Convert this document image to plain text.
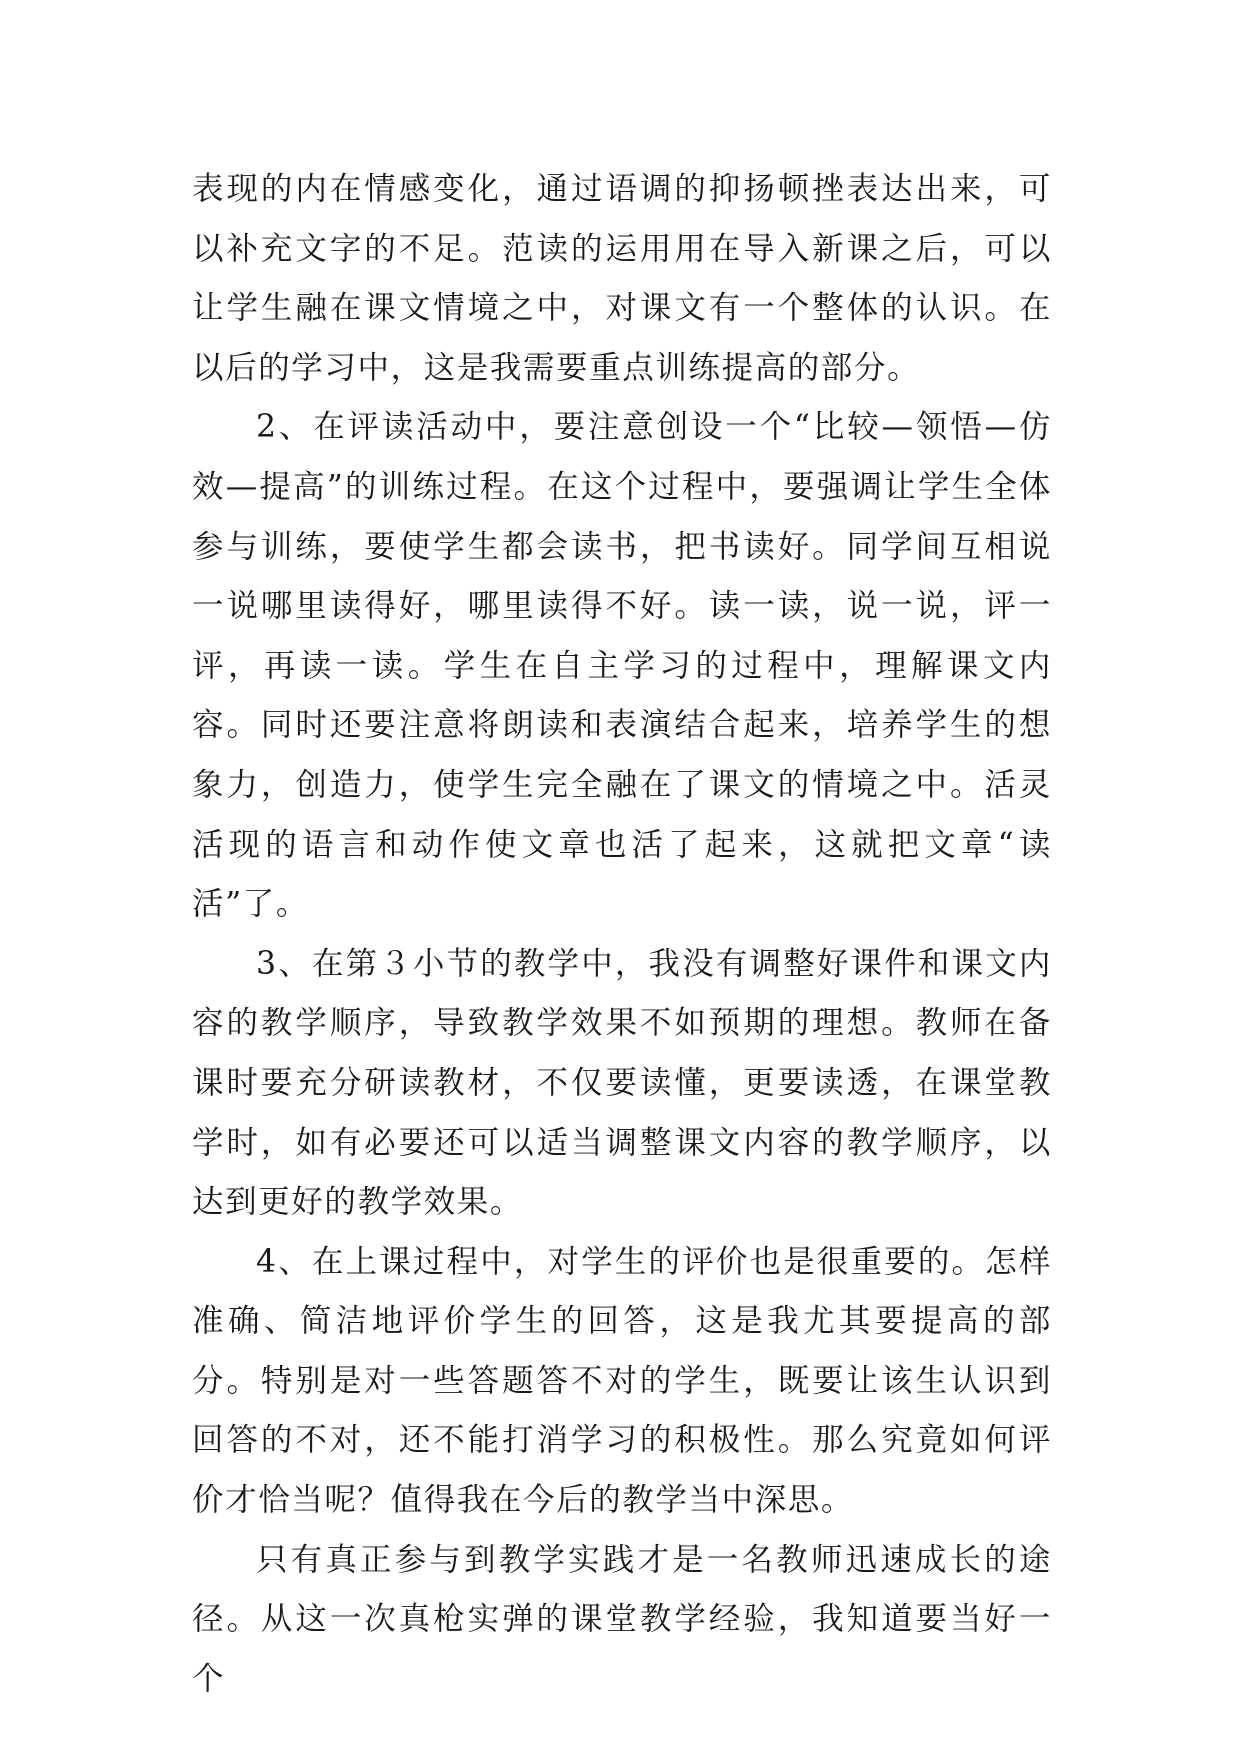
表现的内在情感变化，通过语调的抑扬顿挫表达出来，可以补充文字的不足。范读的运用用在导入新课之后，可以让学生融在课文情境之中，对课文有一个整体的认识。在以后的学习中，这是我需要重点训练提高的部分。

2、在评读活动中，要注意创设一个“比较—领悟—仿效—提高”的训练过程。在这个过程中，要强调让学生全体参与训练，要使学生都会读书，把书读好。同学间互相说一说哪里读得好，哪里读得不好。读一读，说一说，评一评，再读一读。学生在自主学习的过程中，理解课文内容。同时还要注意将朗读和表演结合起来，培养学生的想象力，创造力，使学生完全融在了课文的情境之中。活灵活现的语言和动作使文章也活了起来，这就把文章“读活”了。

3、在第３小节的教学中，我没有调整好课件和课文内容的教学顺序，导致教学效果不如预期的理想。教师在备课时要充分研读教材，不仅要读懂，更要读透，在课堂教学时，如有必要还可以适当调整课文内容的教学顺序，以达到更好的教学效果。

4、在上课过程中，对学生的评价也是很重要的。怎样准确、简洁地评价学生的回答，这是我尤其要提高的部分。特别是对一些答题答不对的学生，既要让该生认识到回答的不对，还不能打消学习的积极性。那么究竟如何评价才恰当呢？值得我在今后的教学当中深思。

只有真正参与到教学实践才是一名教师迅速成长的途径。从这一次真枪实弹的课堂教学经验，我知道要当好一个
